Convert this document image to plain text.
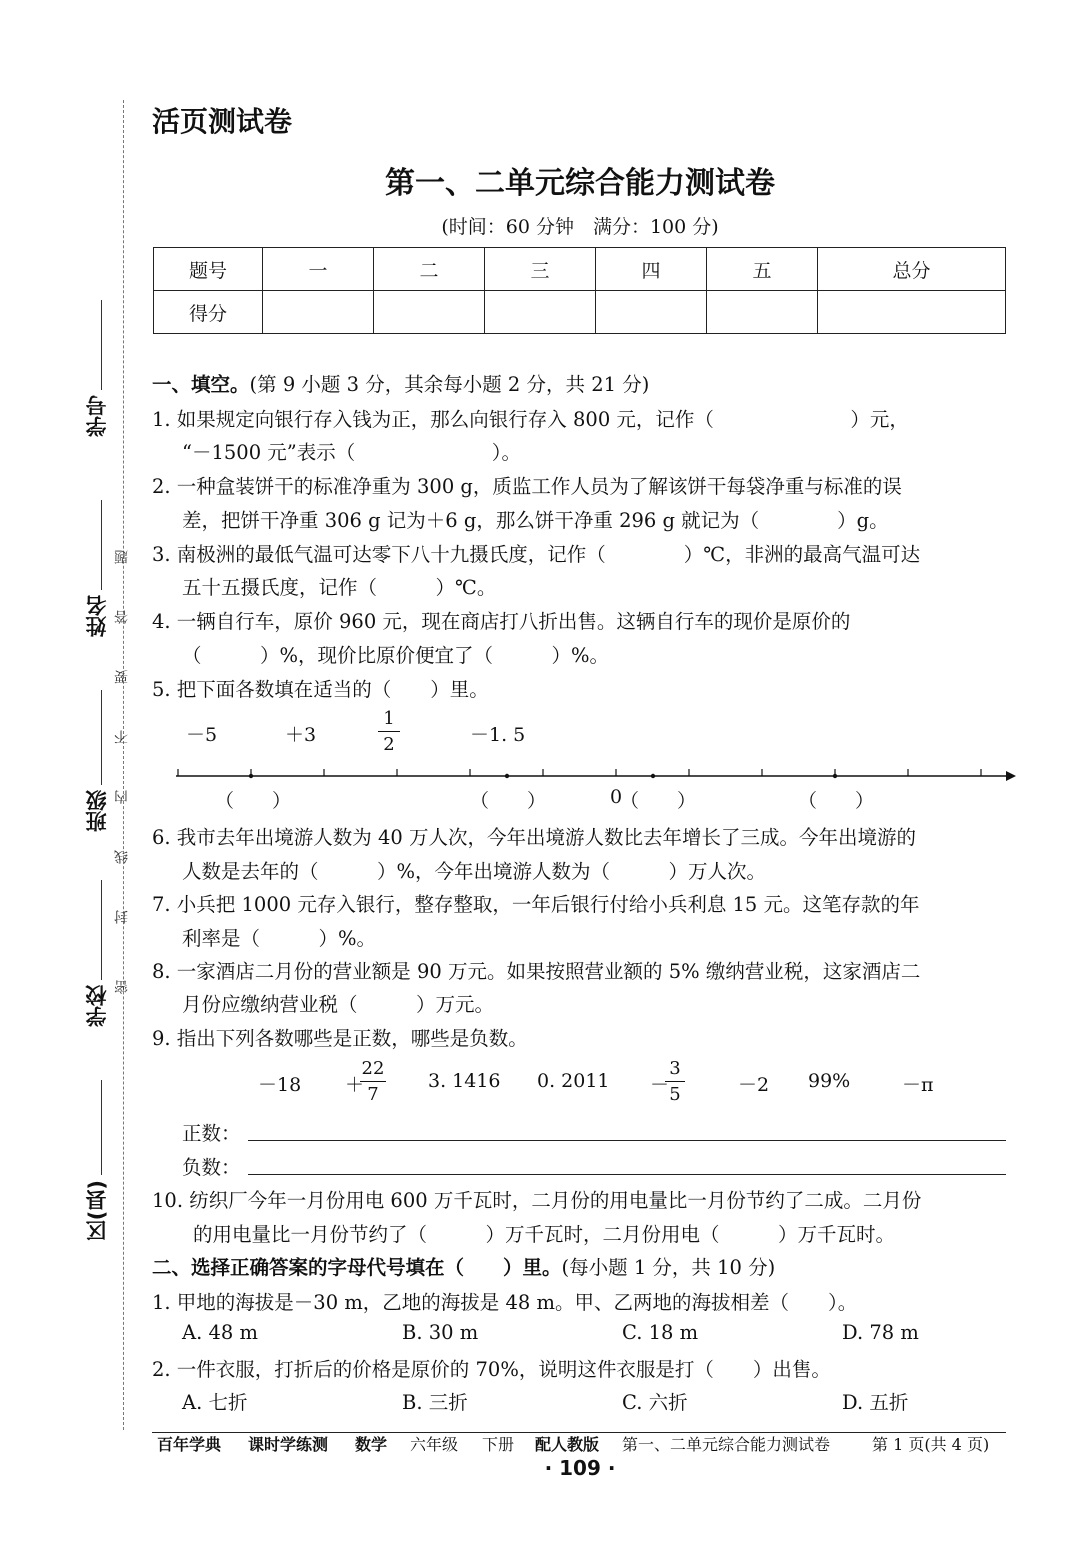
学号
姓名
班级
学校
区(县)
密
封
线
内
不
要
答
题
活页测试卷
第一、二单元综合能力测试卷
(时间：60 分钟　满分：100 分)
题号	一	二	三	四	五	总分
得分						
一、填空。(第 9 小题 3 分，其余每小题 2 分，共 21 分)
1. 如果规定向银行存入钱为正，那么向银行存入 800 元，记作（　　　　　　　）元，
“－1500 元”表示（　　　　　　　）。
2. 一种盒装饼干的标准净重为 300 g，质监工作人员为了解该饼干每袋净重与标准的误
差，把饼干净重 306 g 记为＋6 g，那么饼干净重 296 g 就记为（　　　　）g。
3. 南极洲的最低气温可达零下八十九摄氏度，记作（　　　　）℃，非洲的最高气温可达
五十五摄氏度，记作（　　　）℃。
4. 一辆自行车，原价 960 元，现在商店打八折出售。这辆自行车的现价是原价的
（　　　）%，现价比原价便宜了（　　　）%。
5. 把下面各数填在适当的（　　）里。
－5	＋3
1
2	－1. 5
（　　）	（　　）	0
（　　）	（　　）
6. 我市去年出境游人数为 40 万人次，今年出境游人数比去年增长了三成。今年出境游的
人数是去年的（　　　）%，今年出境游人数为（　　　）万人次。
7. 小兵把 1000 元存入银行，整存整取，一年后银行付给小兵利息 15 元。这笔存款的年
利率是（　　　）%。
8. 一家酒店二月份的营业额是 90 万元。如果按照营业额的 5% 缴纳营业税，这家酒店二
月份应缴纳营业税（　　　）万元。
9. 指出下列各数哪些是正数，哪些是负数。
－18 ＋
22
7
3. 1416 0. 2011 －
3
5	－2 99%	－π
正数：
负数：
10. 纺织厂今年一月份用电 600 万千瓦时，二月份的用电量比一月份节约了二成。二月份
的用电量比一月份节约了（　　　）万千瓦时，二月份用电（　　　）万千瓦时。
二、选择正确答案的字母代号填在（　　）里。(每小题 1 分，共 10 分)
1. 甲地的海拔是－30 m，乙地的海拔是 48 m。甲、乙两地的海拔相差（　　）。
A. 48 m	B. 30 m	C. 18 m	D. 78 m
2. 一件衣服，打折后的价格是原价的 70%，说明这件衣服是打（　　）出售。
A. 七折	B. 三折	C. 六折	D. 五折
百年学典 课时学练测 数学 六年级 下册 配人教版 第一、二单元综合能力测试卷	第 1 页(共 4 页)
· 109 ·
